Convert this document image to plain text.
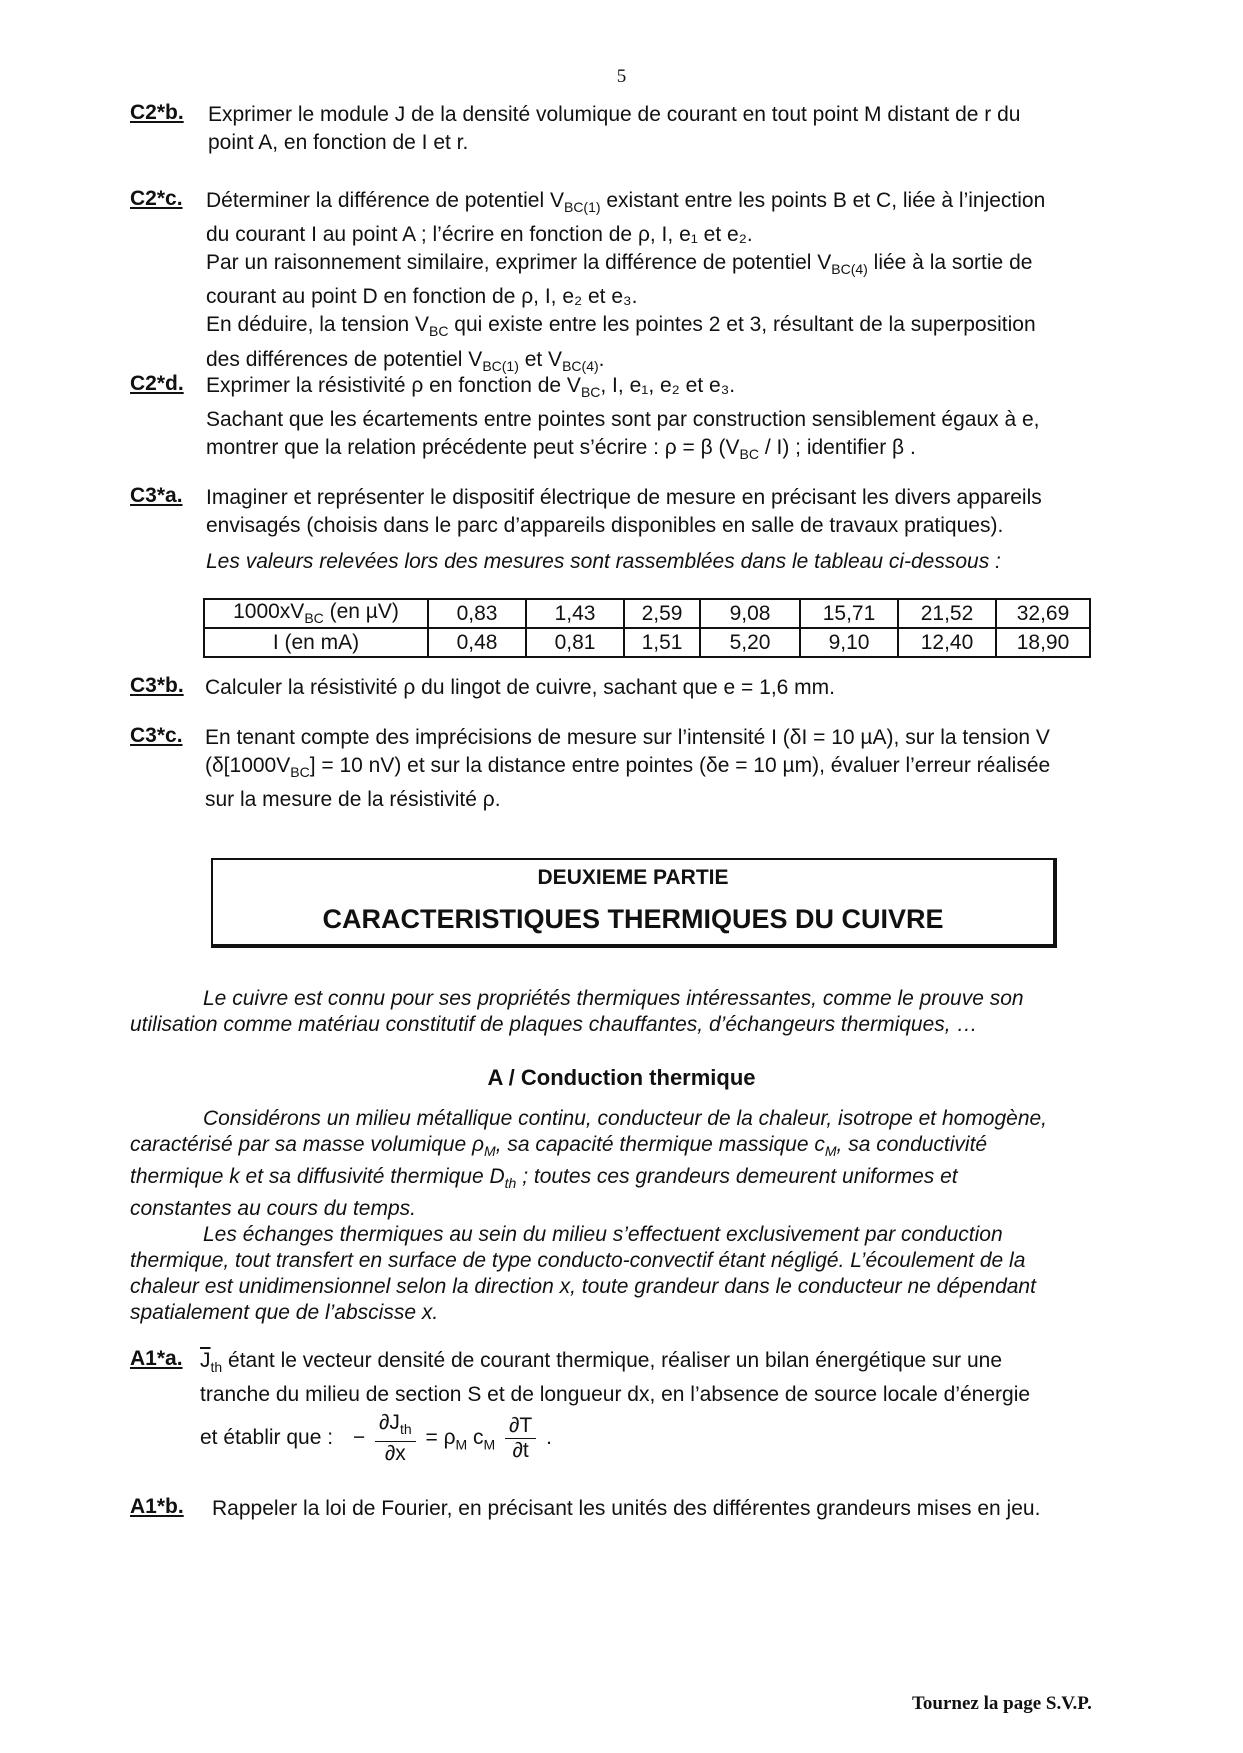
5
C2*b. Exprimer le module J de la densité volumique de courant en tout point M distant de r du

point A, en fonction de I et r.

C2*c. Déterminer la différence de potentiel $V_{BC(1)}$ existant entre les points B et C, liée à l’injection

du courant I au point A ; l’écrire en fonction de ρ, I, e₁ et e₂.

Par un raisonnement similaire, exprimer la différence de potentiel $V_{BC(4)}$ liée à la sortie de

courant au point D en fonction de ρ, I, e₂ et e₃.

En déduire, la tension $V_{BC}$ qui existe entre les pointes 2 et 3, résultant de la superposition

des différences de potentiel $V_{BC(1)}$ et $V_{BC(4)}$.

C2*d. Exprimer la résistivité ρ en fonction de $V_{BC}$, I, e₁, e₂ et e₃.

Sachant que les écartements entre pointes sont par construction sensiblement égaux à e,

montrer que la relation précédente peut s’écrire : ρ = β $(V_{BC} / I)$ ; identifier β .

C3*a. Imaginer et représenter le dispositif électrique de mesure en précisant les divers appareils

envisagés (choisis dans le parc d’appareils disponibles en salle de travaux pratiques).

Les valeurs relevées lors des mesures sont rassemblées dans le tableau ci-dessous :

$1000xV_{BC}$ (en µV)	0,83	1,43	2,59	9,08	15,71	21,52	32,69
I (en mA)	0,48	0,81	1,51	5,20	9,10	12,40	18,90
C3*b. Calculer la résistivité ρ du lingot de cuivre, sachant que e = 1,6 mm.

C3*c. En tenant compte des imprécisions de mesure sur l’intensité I (δI = 10 µA), sur la tension V

($\delta[1000V_{BC}] = 10$ nV) et sur la distance entre pointes (δe = 10 µm), évaluer l’erreur réalisée

sur la mesure de la résistivité ρ.

DEUXIEME PARTIE
CARACTERISTIQUES THERMIQUES DU CUIVRE

Le cuivre est connu pour ses propriétés thermiques intéressantes, comme le prouve son

utilisation comme matériau constitutif de plaques chauffantes, d’échangeurs thermiques, …

A / Conduction thermique

Considérons un milieu métallique continu, conducteur de la chaleur, isotrope et homogène,

caractérisé par sa masse volumique $\rho_M$, sa capacité thermique massique $c_M$, sa conductivité

thermique k et sa diffusivité thermique $D_{th}$ ; toutes ces grandeurs demeurent uniformes et

constantes au cours du temps.

Les échanges thermiques au sein du milieu s’effectuent exclusivement par conduction

thermique, tout transfert en surface de type conducto-convectif étant négligé. L’écoulement de la

chaleur est unidimensionnel selon la direction x, toute grandeur dans le conducteur ne dépendant

spatialement que de l’abscisse x.

A1*a. $\overline{J}_{th}$ étant le vecteur densité de courant thermique, réaliser un bilan énergétique sur une

tranche du milieu de section S et de longueur dx, en l’absence de source locale d’énergie

et établir que : − $\frac{\partial J_{th}}{\partial x} = \rho_M$ $c_M \frac{\partial T}{\partial t}$ .

A1*b. Rappeler la loi de Fourier, en précisant les unités des différentes grandeurs mises en jeu.

Tournez la page S.V.P.
